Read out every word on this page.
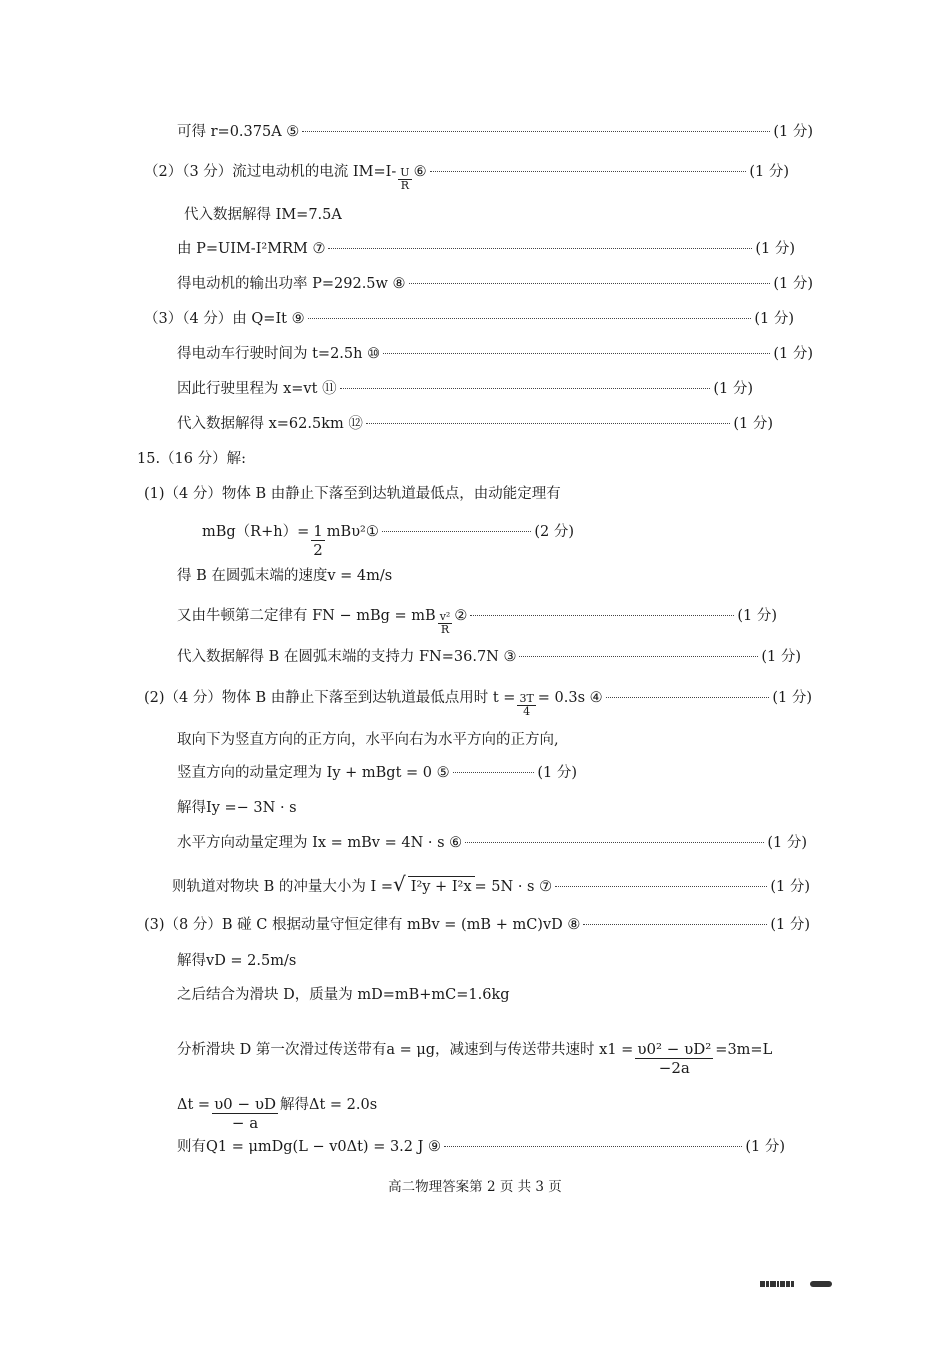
可得 r=0.375A ⑤	(1 分)
（2）（3 分）流过电动机的电流 $IM=I- \frac{U}{R}$ ⑥	(1 分)
代入数据解得 IM=7.5A
由 P=UIM-I²MRM ⑦	(1 分)
得电动机的输出功率 P=292.5w ⑧	(1 分)
（3）（4 分）由 Q=It ⑨	(1 分)
得电动车行驶时间为 t=2.5h ⑩	(1 分)
因此行驶里程为 x=vt ⑪	(1 分)
代入数据解得 x=62.5km ⑫	(1 分)
15.（16 分）解:
(1)（4 分）物体 B 由静止下落至到达轨道最低点，由动能定理有
$mBg(R+h)= \frac{1}{2}$ mBυ²①	(2 分)
得 B 在圆弧末端的速度v = 4m/s
又由牛顿第二定律有 FN − mBg = mB $\frac{\text{v²}}{R}$ ②	(1 分)
代入数据解得 B 在圆弧末端的支持力 FN=36.7N ③	(1 分)
(2)（4 分）物体 B 由静止下落至到达轨道最低点用时 $t = \frac{3T}{4} = 0.3s$ ④	(1 分)
取向下为竖直方向的正方向，水平向右为水平方向的正方向,
竖直方向的动量定理为 Iy + mBgt = 0 ⑤	(1 分)
解得Iy =− 3N · s
水平方向动量定理为 Ix = mBv = 4N · s ⑥	(1 分)
则轨道对物块 B 的冲量大小为 I = √ I²y + I²x = 5N · s ⑦	(1 分)
(3)（8 分）B 碰 C 根据动量守恒定律有 mBv = (mB + mC)vD ⑧	(1 分)
解得vD = 2.5m/s
之后结合为滑块 D，质量为 mD=mB+mC=1.6kg
分析滑块 D 第一次滑过传送带有a = μg，减速到与传送带共速时 $x1 = \frac{\text{υ0² − υD²}}{-2a} =3m=L$
$\Delta t = \frac{\upsilon 0 - \upsilon D}{- a}$ 解得Δt = 2.0s
则有Q1 = μmDg(L − v0Δt) = 3.2 J ⑨	(1 分)
高二物理答案第 2 页 共 3 页
